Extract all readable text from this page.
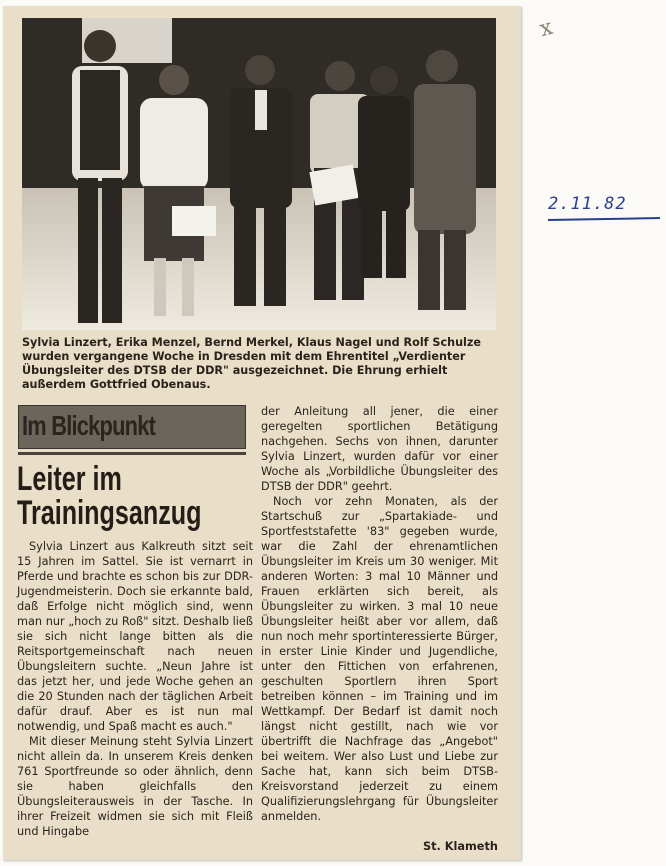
Sylvia Linzert, Erika Menzel, Bernd Merkel, Klaus Nagel und Rolf Schulze wurden vergangene Woche in Dresden mit dem Ehrentitel „Verdienter Übungsleiter des DTSB der DDR" ausgezeichnet. Die Ehrung erhielt außerdem Gottfried Obenaus.

Im Blickpunkt
Leiter im
Trainingsanzug

Sylvia Linzert aus Kalkreuth sitzt seit 15 Jahren im Sattel. Sie ist vernarrt in Pferde und brachte es schon bis zur DDR-Jugendmeisterin. Doch sie erkannte bald, daß Erfolge nicht möglich sind, wenn man nur „hoch zu Roß" sitzt. Deshalb ließ sie sich nicht lange bitten als die Reitsportgemeinschaft nach neuen Übungsleitern suchte. „Neun Jahre ist das jetzt her, und jede Woche gehen an die 20 Stunden nach der täglichen Arbeit dafür drauf. Aber es ist nun mal notwendig, und Spaß macht es auch."

Mit dieser Meinung steht Sylvia Linzert nicht allein da. In unserem Kreis denken 761 Sportfreunde so oder ähnlich, denn sie haben gleichfalls den Übungsleiterausweis in der Tasche. In ihrer Freizeit widmen sie sich mit Fleiß und Hingabe

der Anleitung all jener, die einer geregelten sportlichen Betätigung nachgehen. Sechs von ihnen, darunter Sylvia Linzert, wurden dafür vor einer Woche als „Vorbildliche Übungsleiter des DTSB der DDR" geehrt.

Noch vor zehn Monaten, als der Startschuß zur „Spartakiade- und Sportfeststafette '83" gegeben wurde, war die Zahl der ehrenamtlichen Übungsleiter im Kreis um 30 weniger. Mit anderen Worten: 3 mal 10 Männer und Frauen erklärten sich bereit, als Übungsleiter zu wirken. 3 mal 10 neue Übungsleiter heißt aber vor allem, daß nun noch mehr sportinteressierte Bürger, in erster Linie Kinder und Jugendliche, unter den Fittichen von erfahrenen, geschulten Sportlern ihren Sport betreiben können – im Training und im Wettkampf. Der Bedarf ist damit noch längst nicht gestillt, nach wie vor übertrifft die Nachfrage das „Angebot" bei weitem. Wer also Lust und Liebe zur Sache hat, kann sich beim DTSB-Kreisvorstand jederzeit zu einem Qualifizierungslehrgang für Übungsleiter anmelden.

St. Klameth
x
2.11.82
